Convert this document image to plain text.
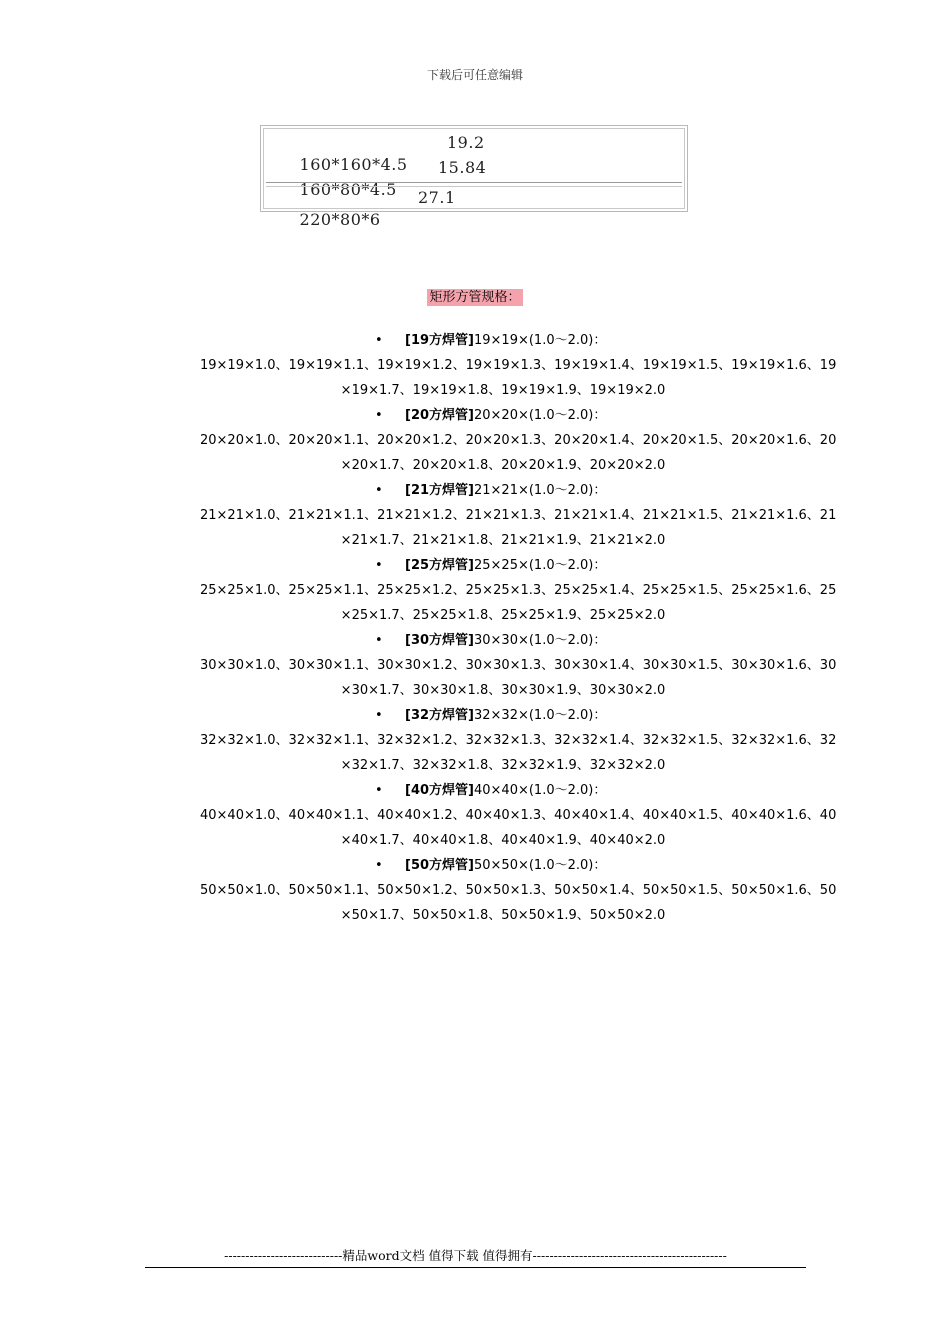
下载后可任意编辑

160*160*4.5

19.2

160*80*4.5

15.84

220*80*6

27.1

矩形方管规格：
• [19方焊管]19×19×(1.0～2.0)：
19×19×1.0、19×19×1.1、19×19×1.2、19×19×1.3、19×19×1.4、19×19×1.5、19×19×1.6、19
×19×1.7、19×19×1.8、19×19×1.9、19×19×2.0
• [20方焊管]20×20×(1.0～2.0)：
20×20×1.0、20×20×1.1、20×20×1.2、20×20×1.3、20×20×1.4、20×20×1.5、20×20×1.6、20
×20×1.7、20×20×1.8、20×20×1.9、20×20×2.0
• [21方焊管]21×21×(1.0～2.0)：
21×21×1.0、21×21×1.1、21×21×1.2、21×21×1.3、21×21×1.4、21×21×1.5、21×21×1.6、21
×21×1.7、21×21×1.8、21×21×1.9、21×21×2.0
• [25方焊管]25×25×(1.0～2.0)：
25×25×1.0、25×25×1.1、25×25×1.2、25×25×1.3、25×25×1.4、25×25×1.5、25×25×1.6、25
×25×1.7、25×25×1.8、25×25×1.9、25×25×2.0
• [30方焊管]30×30×(1.0～2.0)：
30×30×1.0、30×30×1.1、30×30×1.2、30×30×1.3、30×30×1.4、30×30×1.5、30×30×1.6、30
×30×1.7、30×30×1.8、30×30×1.9、30×30×2.0
• [32方焊管]32×32×(1.0～2.0)：
32×32×1.0、32×32×1.1、32×32×1.2、32×32×1.3、32×32×1.4、32×32×1.5、32×32×1.6、32
×32×1.7、32×32×1.8、32×32×1.9、32×32×2.0
• [40方焊管]40×40×(1.0～2.0)：
40×40×1.0、40×40×1.1、40×40×1.2、40×40×1.3、40×40×1.4、40×40×1.5、40×40×1.6、40
×40×1.7、40×40×1.8、40×40×1.9、40×40×2.0
• [50方焊管]50×50×(1.0～2.0)：
50×50×1.0、50×50×1.1、50×50×1.2、50×50×1.3、50×50×1.4、50×50×1.5、50×50×1.6、50
×50×1.7、50×50×1.8、50×50×1.9、50×50×2.0
----------------------------精品word文档 值得下载 值得拥有----------------------------------------------
